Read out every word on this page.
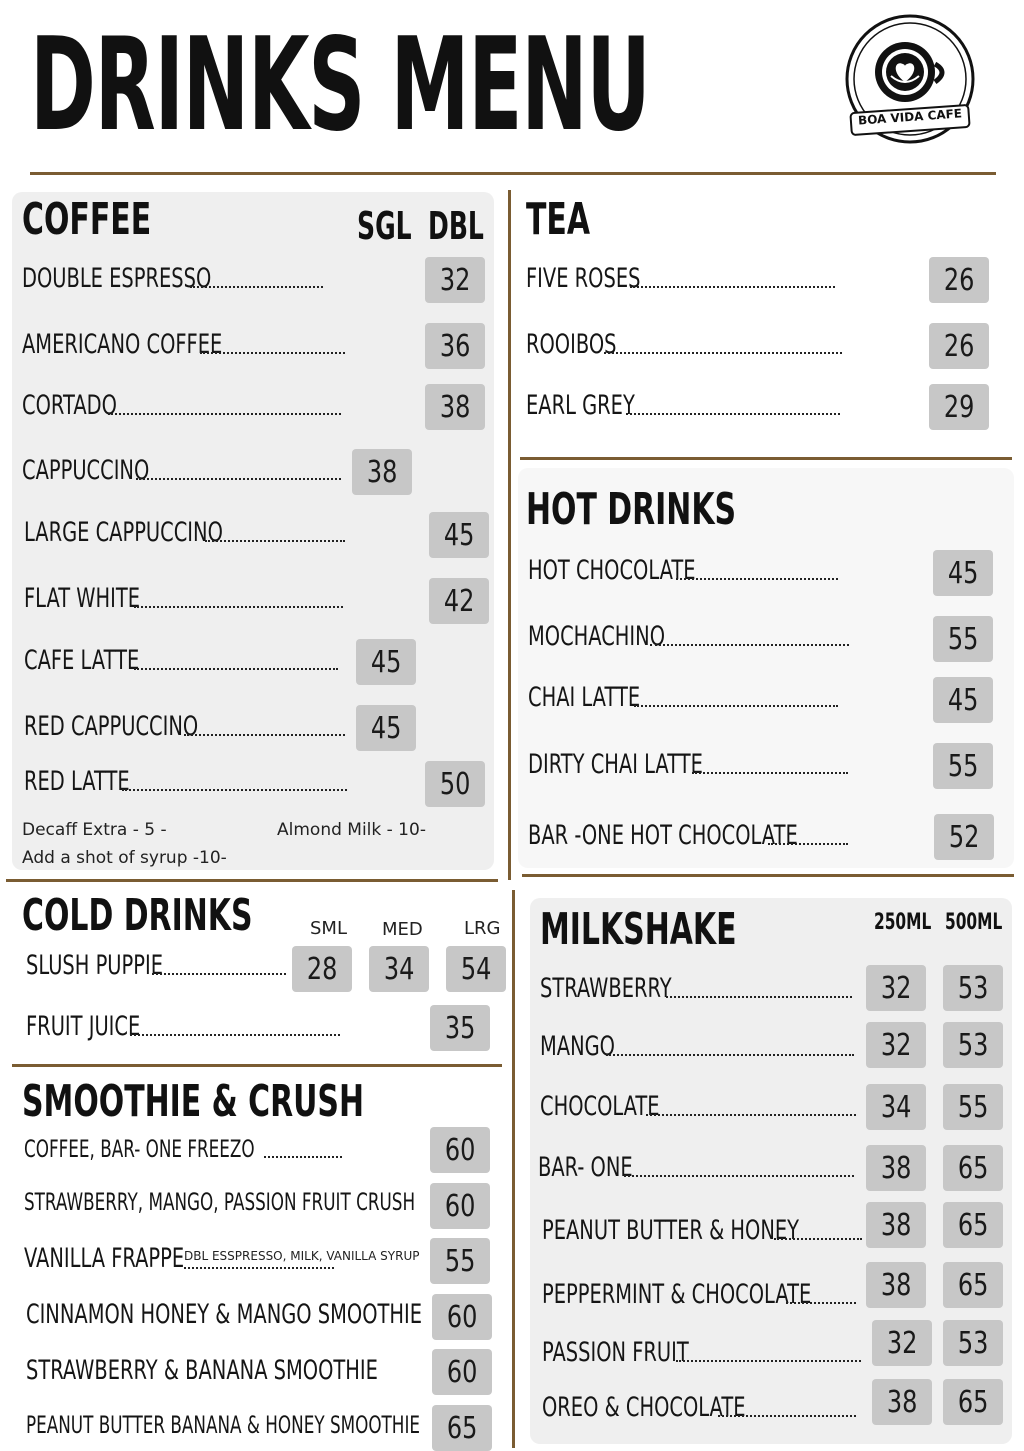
DRINKS MENU	BOA VIDA CAFE
COFFEE	SGL DBL
DOUBLE ESPRESSO	32
AMERICANO COFFEE	36
CORTADO	38
CAPPUCCINO	38
LARGE CAPPUCCINO	45
FLAT WHITE	42
CAFE LATTE	45
RED CAPPUCCINO	45
RED LATTE	50
Decaff Extra - 5 -	Almond Milk - 10-
Add a shot of syrup -10-
TEA
FIVE ROSES	26
ROOIBOS	26
EARL GREY	29
HOT DRINKS
HOT CHOCOLATE	45
MOCHACHINO	55
CHAI LATTE	45
DIRTY CHAI LATTE	55
BAR -ONE HOT CHOCOLATE	52
COLD DRINKS	SML MED LRG
SLUSH PUPPIE	28 34 54
FRUIT JUICE	35
SMOOTHIE & CRUSH
COFFEE, BAR- ONE FREEZO	60
STRAWBERRY, MANGO, PASSION FRUIT CRUSH 60
VANILLA FRAPPE DBL ESSPRESSO, MILK, VANILLA SYRUP 55
CINNAMON HONEY & MANGO SMOOTHIE 60
STRAWBERRY & BANANA SMOOTHIE 60
PEANUT BUTTER BANANA & HONEY SMOOTHIE 65
MILKSHAKE	250ML 500ML
STRAWBERRY	32 53
MANGO	32 53
CHOCOLATE	34 55
BAR- ONE	38 65
PEANUT BUTTER & HONEY	38 65
PEPPERMINT & CHOCOLATE 38 65
PASSION FRUIT	32 53
OREO & CHOCOLATE	38 65
